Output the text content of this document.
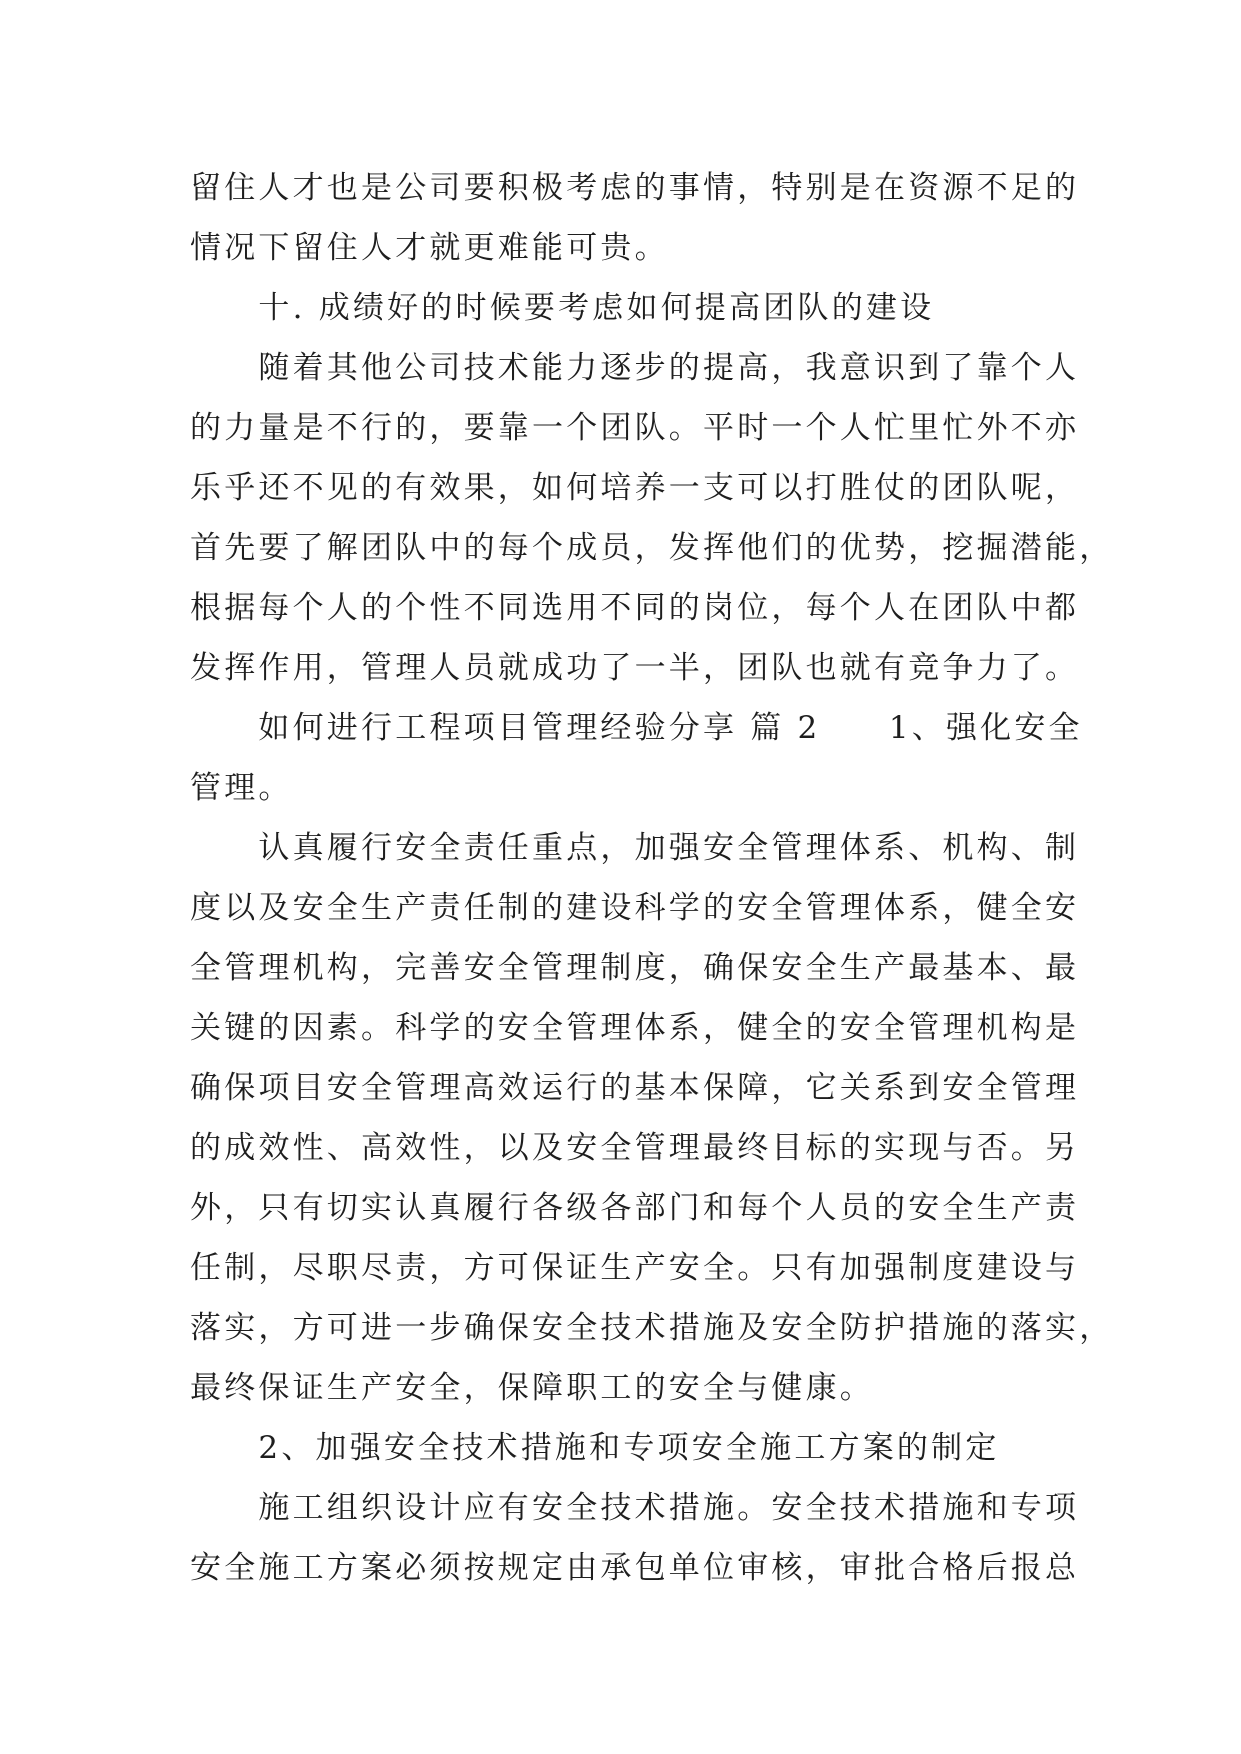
留住人才也是公司要积极考虑的事情，特别是在资源不足的
情况下留住人才就更难能可贵。
　　十. 成绩好的时候要考虑如何提高团队的建设
　　随着其他公司技术能力逐步的提高，我意识到了靠个人
的力量是不行的，要靠一个团队。平时一个人忙里忙外不亦
乐乎还不见的有效果，如何培养一支可以打胜仗的团队呢，
首先要了解团队中的每个成员，发挥他们的优势，挖掘潜能，
根据每个人的个性不同选用不同的岗位，每个人在团队中都
发挥作用，管理人员就成功了一半，团队也就有竞争力了。
　　如何进行工程项目管理经验分享 篇 2　　1、强化安全
管理。
　　认真履行安全责任重点，加强安全管理体系、机构、制
度以及安全生产责任制的建设科学的安全管理体系，健全安
全管理机构，完善安全管理制度，确保安全生产最基本、最
关键的因素。科学的安全管理体系，健全的安全管理机构是
确保项目安全管理高效运行的基本保障，它关系到安全管理
的成效性、高效性，以及安全管理最终目标的实现与否。另
外，只有切实认真履行各级各部门和每个人员的安全生产责
任制，尽职尽责，方可保证生产安全。只有加强制度建设与
落实，方可进一步确保安全技术措施及安全防护措施的落实，
最终保证生产安全，保障职工的安全与健康。
　　2、加强安全技术措施和专项安全施工方案的制定
　　施工组织设计应有安全技术措施。安全技术措施和专项
安全施工方案必须按规定由承包单位审核，审批合格后报总
